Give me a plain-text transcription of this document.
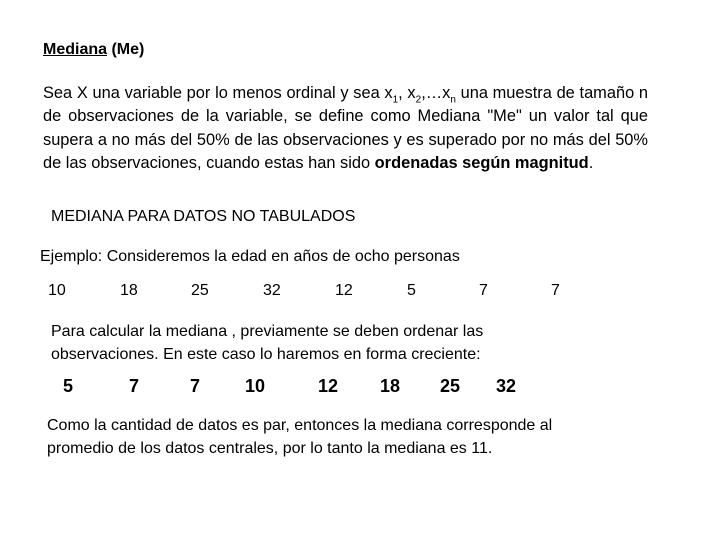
Mediana (Me)
Sea X una variable por lo menos ordinal y sea $x_1$, $x_2,\dots x_n$ una muestra de tamaño n de observaciones de la variable, se define como Mediana "Me" un valor tal que supera a no más del 50% de las observaciones y es superado por no más del 50% de las observaciones, cuando estas han sido ordenadas según magnitud.
MEDIANA PARA DATOS NO TABULADOS
Ejemplo: Consideremos la edad en años de ocho personas
10	18	25	32	12	5	7	7
Para calcular la mediana , previamente se deben ordenar las observaciones. En este caso lo haremos en forma creciente:
5	7	7 10	12 18 25 32
Como la cantidad de datos es par, entonces la mediana corresponde al promedio de los datos centrales, por lo tanto la mediana es 11.
